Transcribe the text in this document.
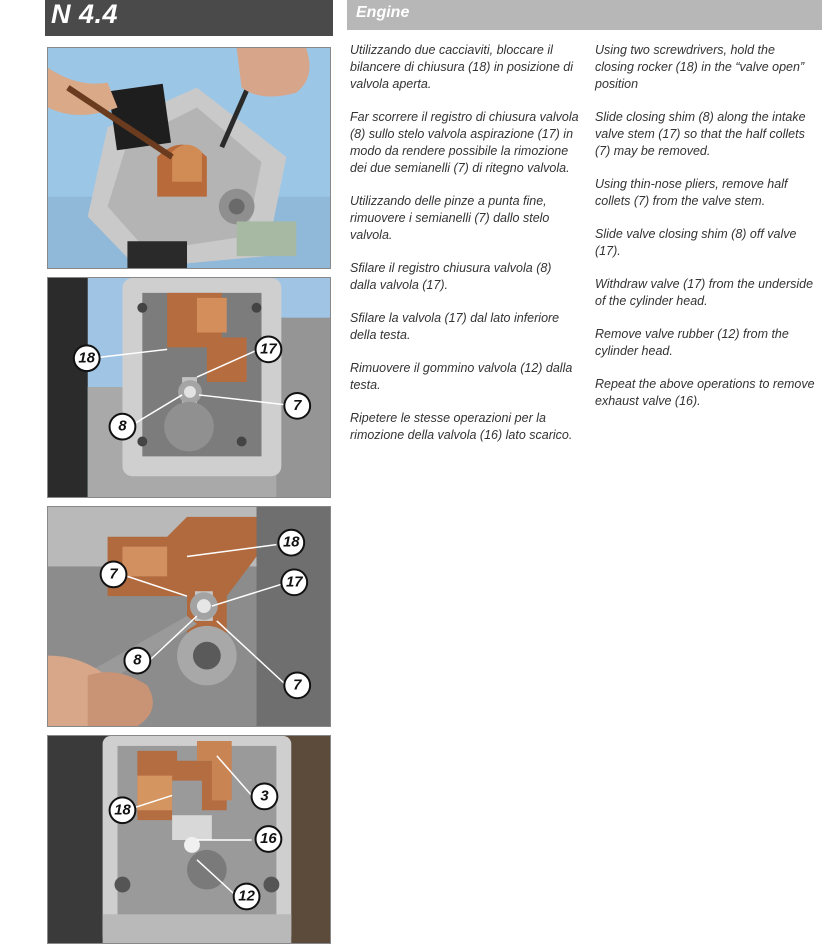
N 4.4	Engine
18
17
7
8
18
7	17
8
7
18
3
16
12

Utilizzando due cacciaviti, bloccare il bilancere di chiusura (18) in posizione di valvola aperta.

Far scorrere il registro di chiusura valvola (8) sullo stelo valvola aspirazione (17) in modo da rendere possibile la rimozione dei due semianelli (7) di ritegno valvola.

Utilizzando delle pinze a punta fine, rimuovere i semianelli (7) dallo stelo valvola.

Sfilare il registro chiusura valvola (8) dalla valvola (17).

Sfilare la valvola (17) dal lato inferiore della testa.

Rimuovere il gommino valvola (12) dalla testa.

Ripetere le stesse operazioni per la rimozione della valvola (16) lato scarico.

Using two screwdrivers, hold the closing rocker (18) in the “valve open” position

Slide closing shim (8) along the intake valve stem (17) so that the half collets (7) may be removed.

Using thin-nose pliers, remove half collets (7) from the valve stem.

Slide valve closing shim (8) off valve (17).

Withdraw valve (17) from the underside of the cylinder head.

Remove valve rubber (12) from the cylinder head.

Repeat the above operations to remove exhaust valve (16).
